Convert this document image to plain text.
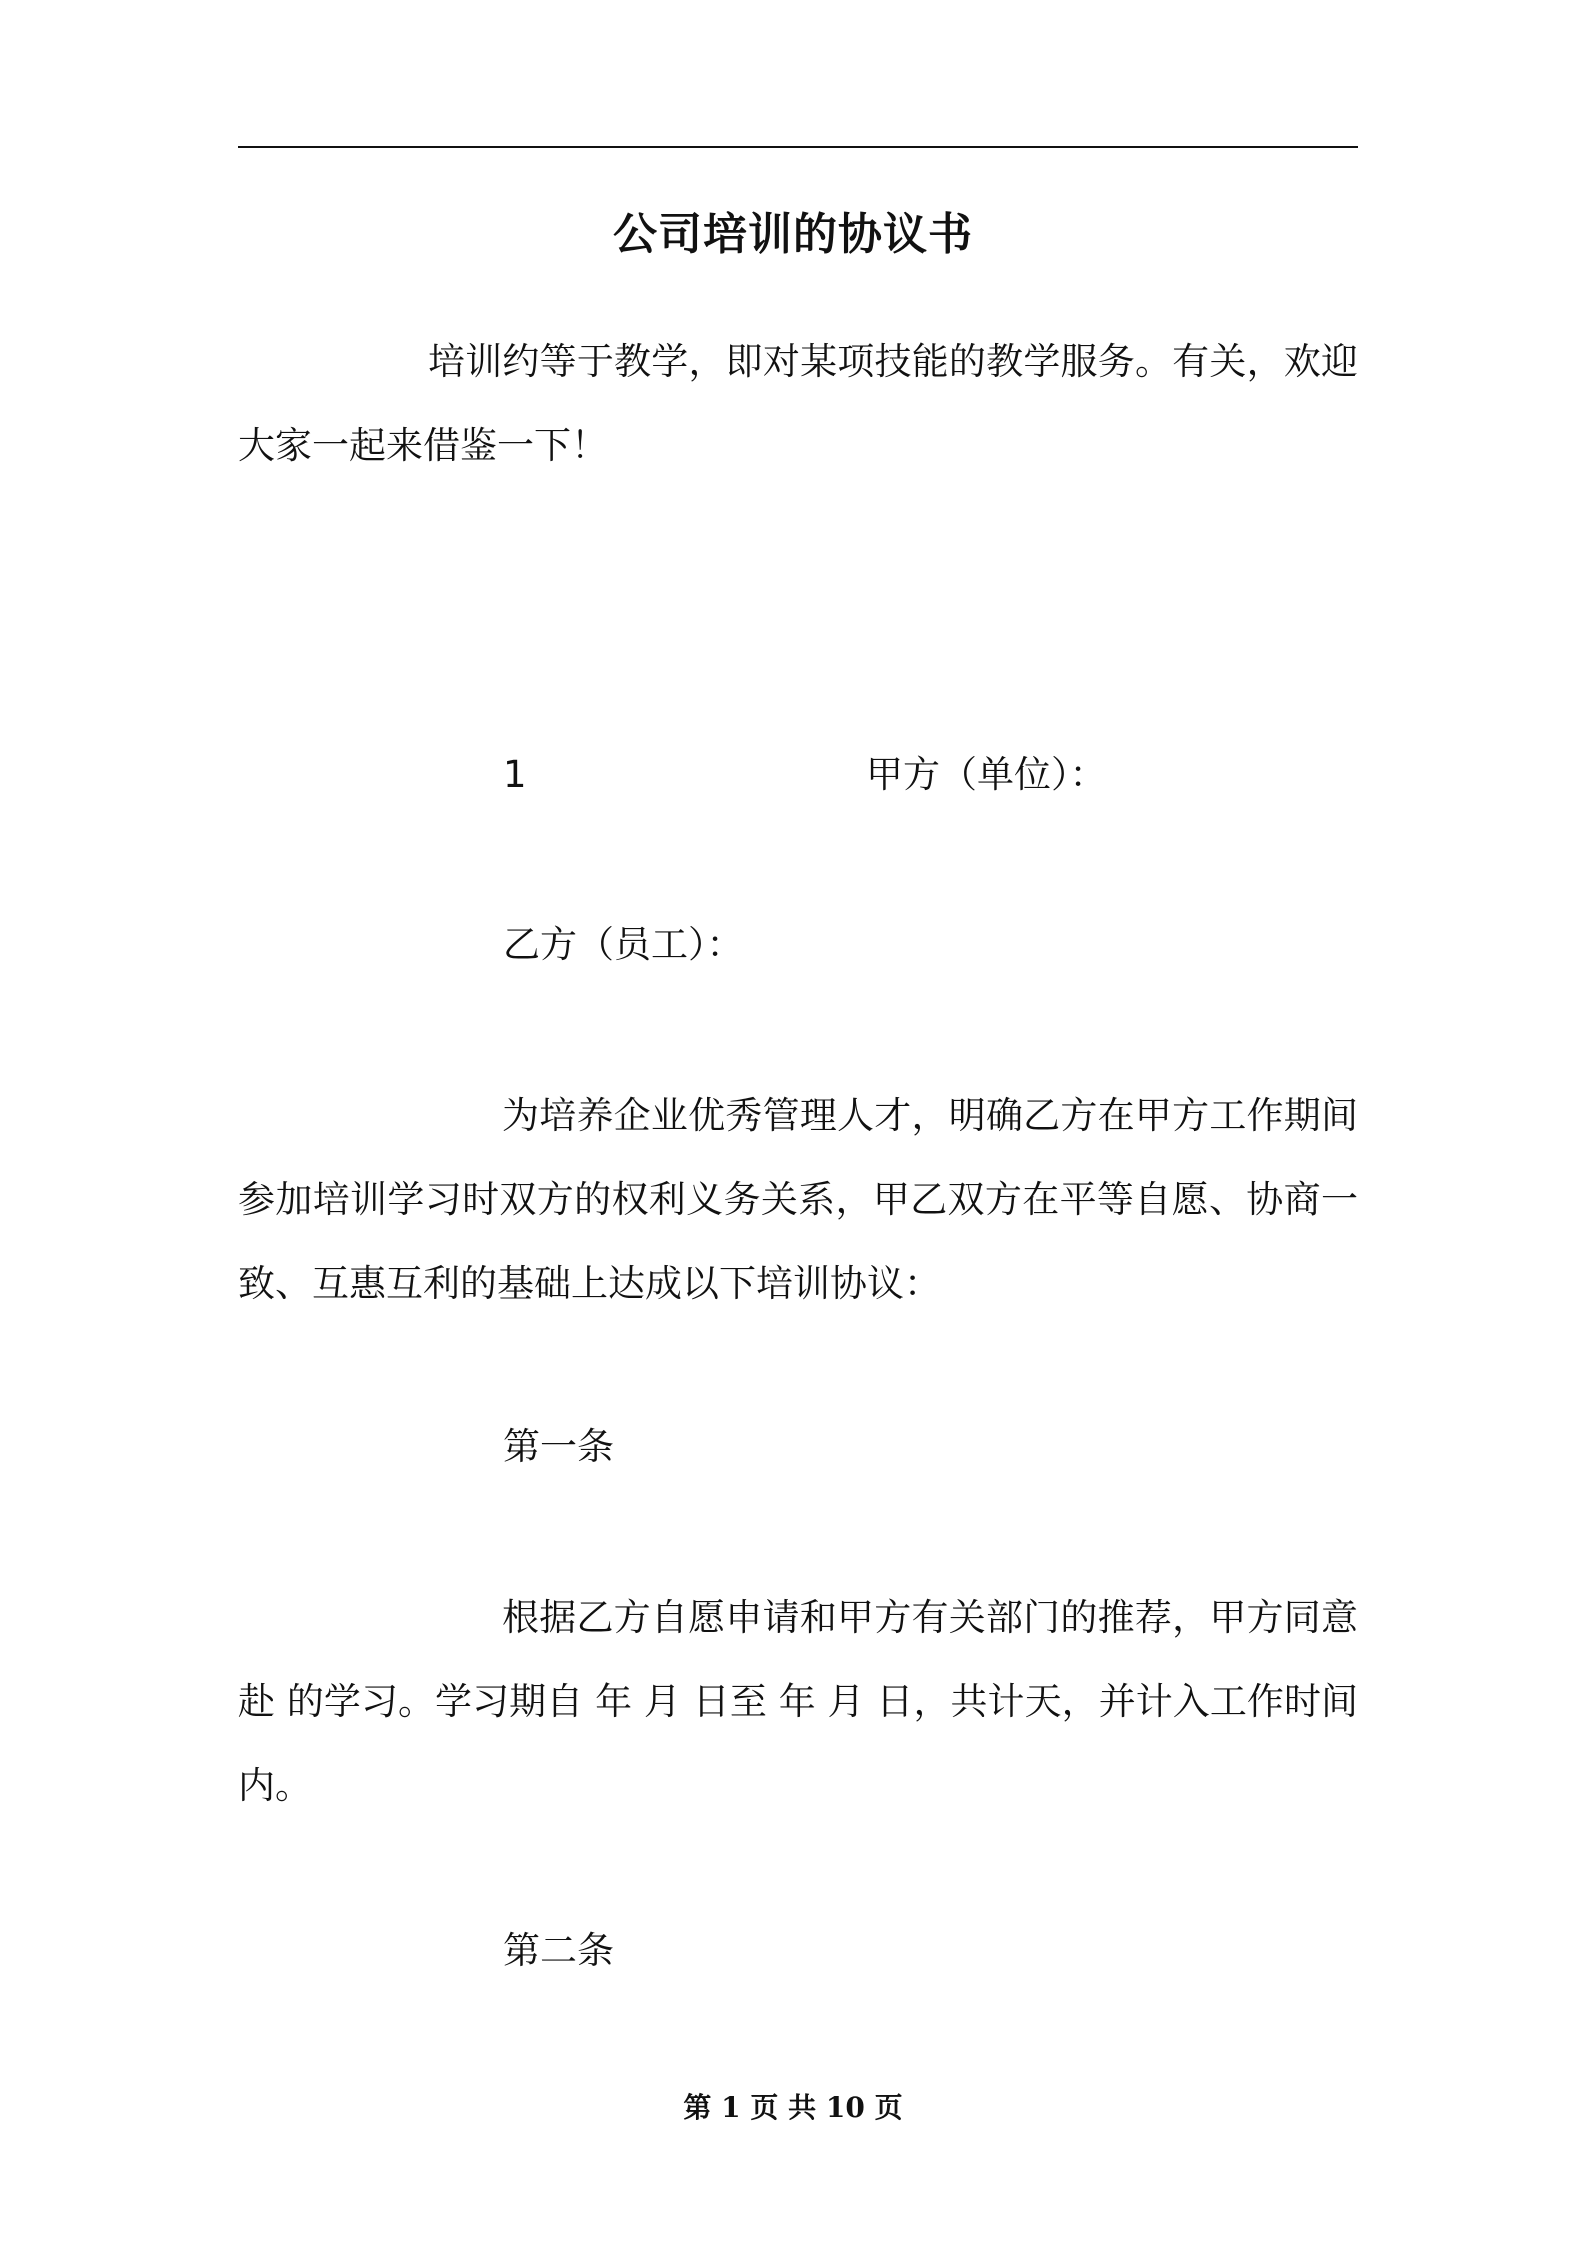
公司培训的协议书
培训约等于教学，即对某项技能的教学服务。有关，欢迎大家一起来借鉴一下！
1	甲方（单位）：
乙方（员工）：
为培养企业优秀管理人才，明确乙方在甲方工作期间参加培训学习时双方的权利义务关系，甲乙双方在平等自愿、协商一致、互惠互利的基础上达成以下培训协议：
第一条
根据乙方自愿申请和甲方有关部门的推荐，甲方同意赴 的学习。学习期自 年 月 日至 年 月 日，共计天，并计入工作时间内。
第二条
第 1 页 共 10 页
